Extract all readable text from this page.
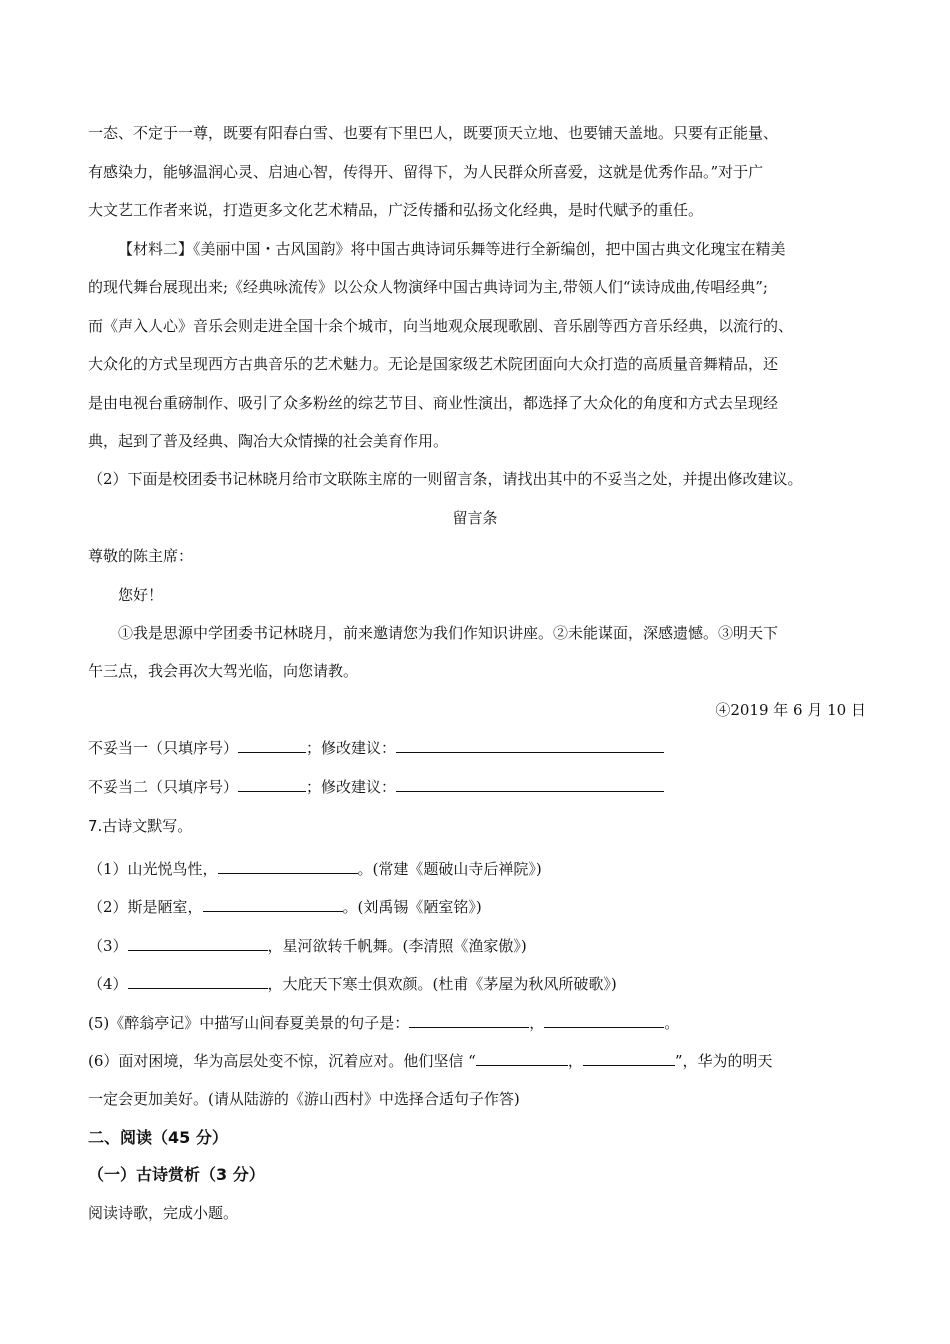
一态、不定于一尊，既要有阳春白雪、也要有下里巴人，既要顶天立地、也要铺天盖地。只要有正能量、
有感染力，能够温润心灵、启迪心智，传得开、留得下，为人民群众所喜爱，这就是优秀作品。”对于广
大文艺工作者来说，打造更多文化艺术精品，广泛传播和弘扬文化经典，是时代赋予的重任。
【材料二】《美丽中国・古风国韵》将中国古典诗词乐舞等进行全新编创，把中国古典文化瑰宝在精美
的现代舞台展现出来;《经典咏流传》以公众人物演绎中国古典诗词为主,带领人们“读诗成曲,传唱经典”;
而《声入人心》音乐会则走进全国十余个城市，向当地观众展现歌剧、音乐剧等西方音乐经典，以流行的、
大众化的方式呈现西方古典音乐的艺术魅力。无论是国家级艺术院团面向大众打造的高质量音舞精品，还
是由电视台重磅制作、吸引了众多粉丝的综艺节目、商业性演出，都选择了大众化的角度和方式去呈现经
典，起到了普及经典、陶冶大众情操的社会美育作用。
（2）下面是校团委书记林晓月给市文联陈主席的一则留言条，请找出其中的不妥当之处，并提出修改建议。
留言条
尊敬的陈主席：
您好！
①我是思源中学团委书记林晓月，前来邀请您为我们作知识讲座。②未能谋面，深感遗憾。③明天下
午三点，我会再次大驾光临，向您请教。
④2019 年 6 月 10 日
不妥当一（只填序号）	；修改建议：
不妥当二（只填序号）	；修改建议：
7.古诗文默写。
（1）山光悦鸟性，	。(常建《题破山寺后禅院》)
（2）斯是陋室，	。(刘禹锡《陋室铭》)
（3）	，星河欲转千帆舞。(李清照《渔家傲》)
（4）	，大庇天下寒士俱欢颜。(杜甫《茅屋为秋风所破歌》)
(5)《醉翁亭记》中描写山间春夏美景的句子是：	，	。
(6）面对困境，华为高层处变不惊，沉着应对。他们坚信 “	，	”，华为的明天
一定会更加美好。(请从陆游的《游山西村》中选择合适句子作答)
二、阅读（45 分）
（一）古诗赏析（3 分）
阅读诗歌，完成小题。
